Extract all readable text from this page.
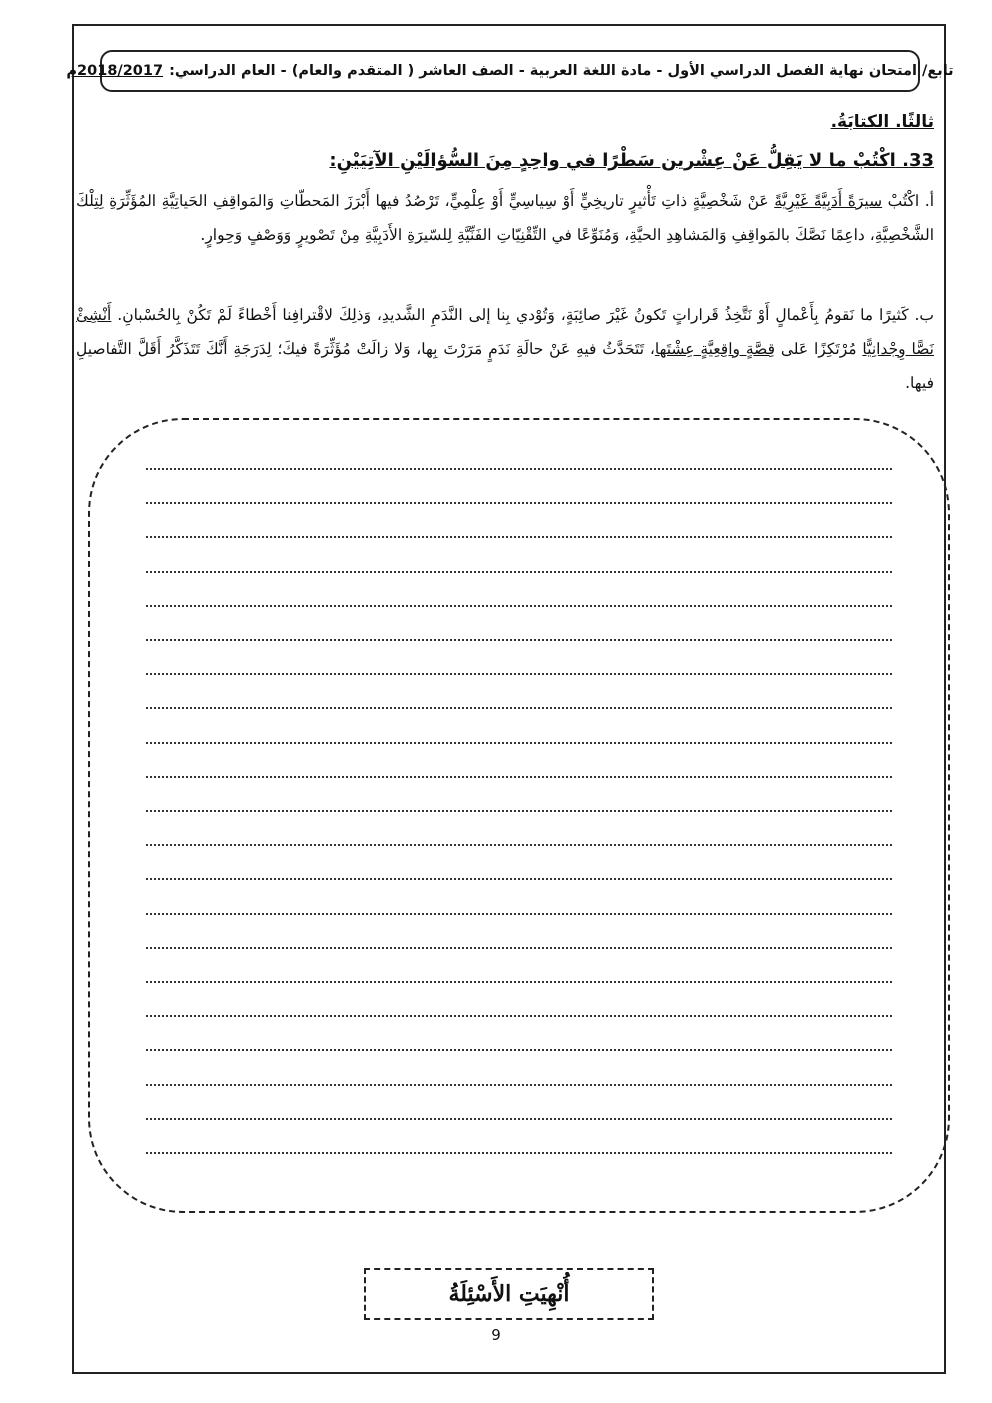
تابع/ امتحان نهاية الفصل الدراسي الأول - مادة اللغة العربية - الصف العاشر ( المتقدم والعام) - العام الدراسي:
2018/2017م
ثالثًا. الكتابَةُ.
33. اكْتُبْ ما لا يَقِلُّ عَنْ عِشْرين سَطْرًا في واحِدٍ مِنَ السُّؤالَيْنِ الآتِيَيْنِ:

أ. اكْتُبْ سيرَةً أَدَبِيَّةً غَيْرِيَّةً عَنْ شَخْصِيَّةٍ ذاتِ تَأْثيرٍ تاريخِيٍّ أَوْ سِياسِيٍّ أَوْ عِلْمِيٍّ، تَرْصُدُ فيها أَبْرَزَ المَحطّاتِ وَالمَواقِفِ الحَياتِيَّةِ المُؤَثِّرَةِ لِتِلْكَ الشَّخْصِيَّةِ، داعِمًا نَصَّكَ بالمَواقِفِ وَالمَشاهِدِ الحيَّةِ، وَمُنَوِّعًا في التِّقْنِيّاتِ الفَنِّيَّةِ لِلسّيرَةِ الأَدَبِيَّةِ مِنْ تَصْويرٍ وَوَصْفٍ وَحِوارٍ.

ب. كَثيرًا ما نَقومُ بِأَعْمالٍ أَوْ نَتَّخِذُ قَراراتٍ تَكونُ غَيْرَ صائِبَةٍ، وَتُوْدي بِنا إلى النَّدَمِ الشَّديدِ، وَذلِكَ لاقْترافِنا أَخْطاءً لَمْ تَكُنْ بِالحُسْبانِ. أَنْشِئْ نَصًّا وِجْدانِيًّا مُرْتَكِزًا عَلى قِصَّةٍ واقِعِيَّةٍ عِشْتَها، تَتَحَدَّثُ فيهِ عَنْ حالَةِ نَدَمٍ مَرَرْتَ بِها، وَلا زالَتْ مُؤَثِّرَةً فيكَ؛ لِدَرَجَةِ أَنَّكَ تَتَذَكَّرُ أَقَلَّ التَّفاصيلِ فيها.

أُنْهِيَتِ الأَسْئِلَةُ
9
